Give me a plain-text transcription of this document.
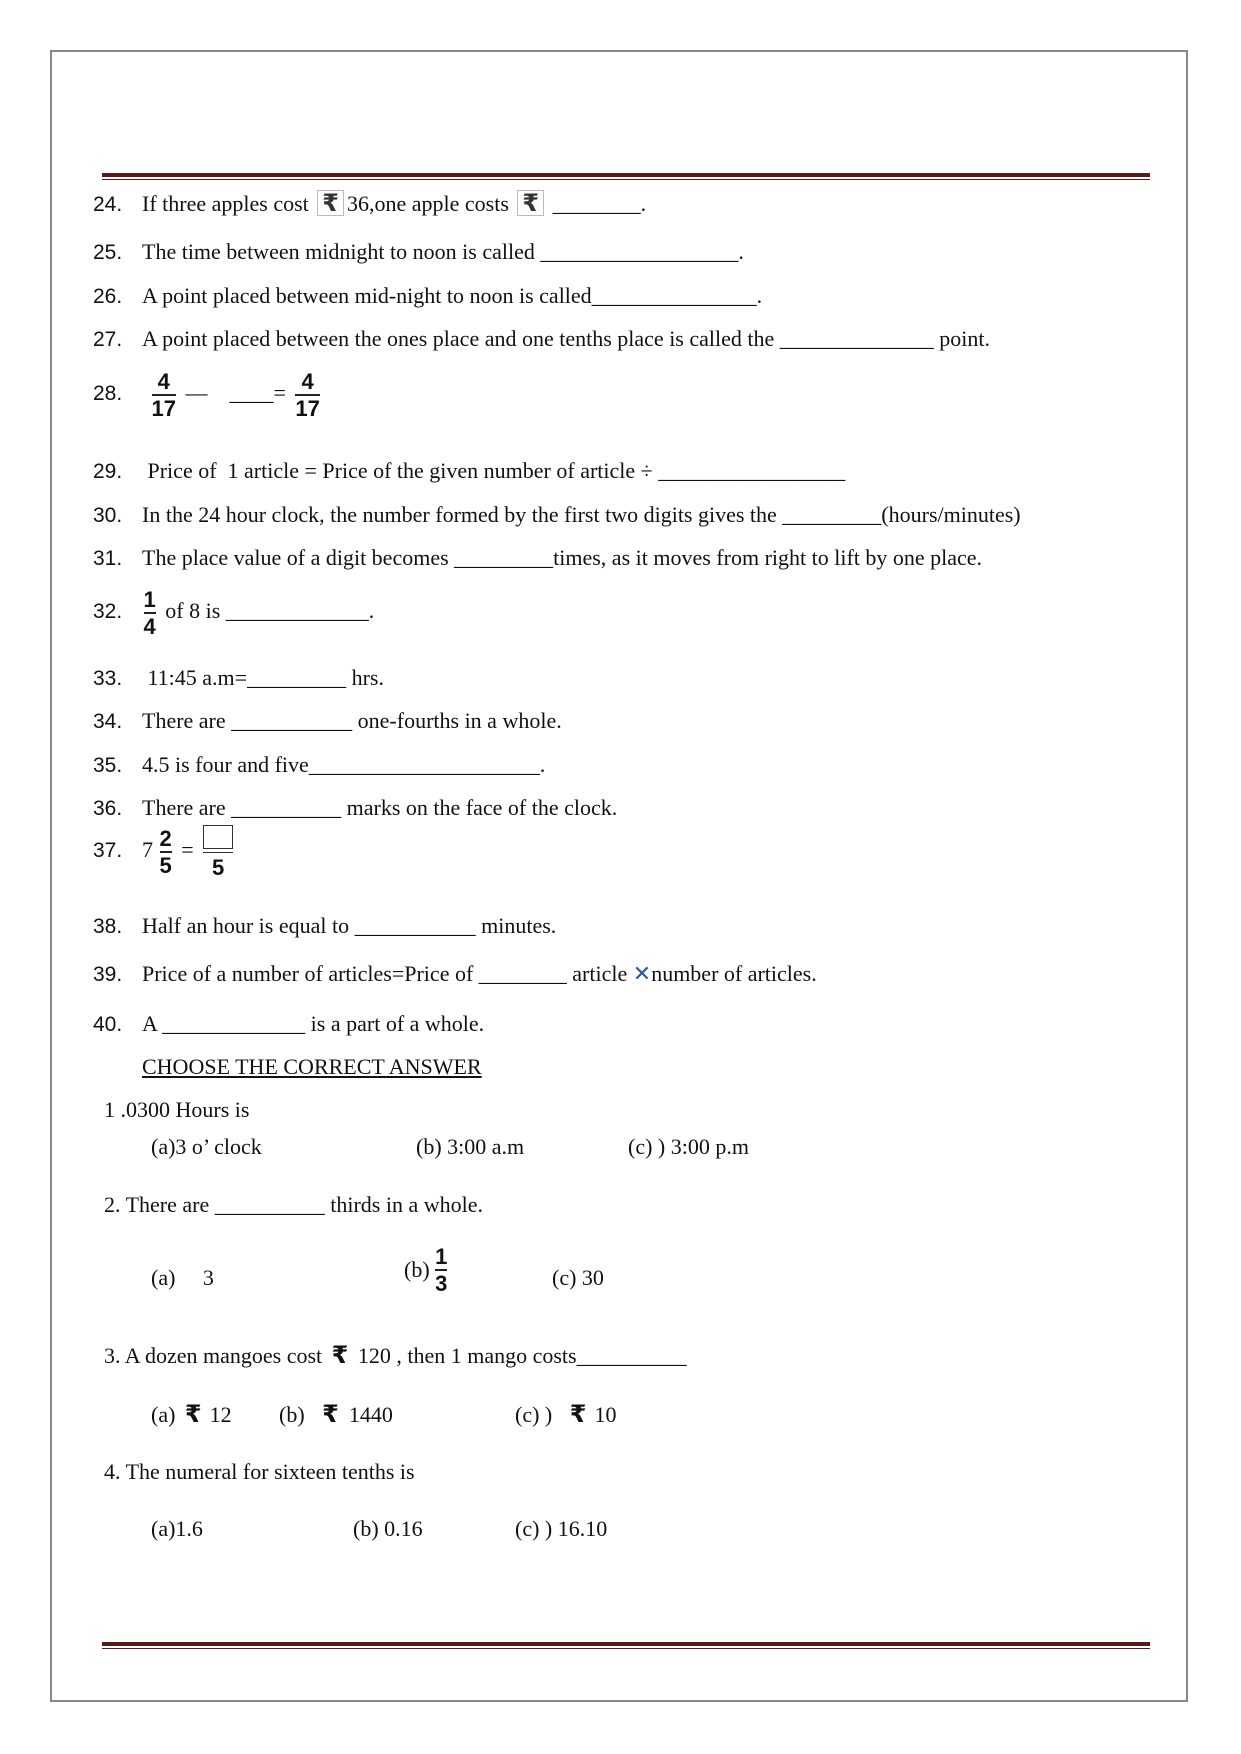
24. If three apples cost ₹ 36,one apple costs ₹ ________.
25. The time between midnight to noon is called __________________.
26. A point placed between mid-night to noon is called_______________.
27. A point placed between the ones place and one tenths place is called the ______________ point.
28. $\frac{4}{17}$ —    ____= $\frac{4}{17}$
29. Price of  1 article = Price of the given number of article ÷ _________________
30. In the 24 hour clock, the number formed by the first two digits gives the _________(hours/minutes)
31. The place value of a digit becomes _________times, as it moves from right to lift by one place.
32. $\frac{1}{4}$ of 8 is _____________.
33. 11:45 a.m=_________ hrs.
34. There are ___________ one-fourths in a whole.
35. 4.5 is four and five_____________________.
36. There are __________ marks on the face of the clock.
37. $7 \frac{2}{5}$ =
5
38. Half an hour is equal to ___________ minutes.
39. Price of a number of articles=Price of ________ article ✕number of articles.
40. A _____________ is a part of a whole.
CHOOSE THE CORRECT ANSWER
1 .0300 Hours is
(a)3 o’ clock	(b) 3:00 a.m	(c) ) 3:00 p.m
2. There are __________ thirds in a whole.
(a)     3	$(b) \frac{1}{3}$	(c) 30
3. A dozen mangoes cost ₹ 120 , then 1 mango costs__________
(a) ₹ 12 (b) ₹ 1440	(c) ) ₹ 10
4. The numeral for sixteen tenths is
(a)1.6	(b) 0.16	(c) ) 16.10
